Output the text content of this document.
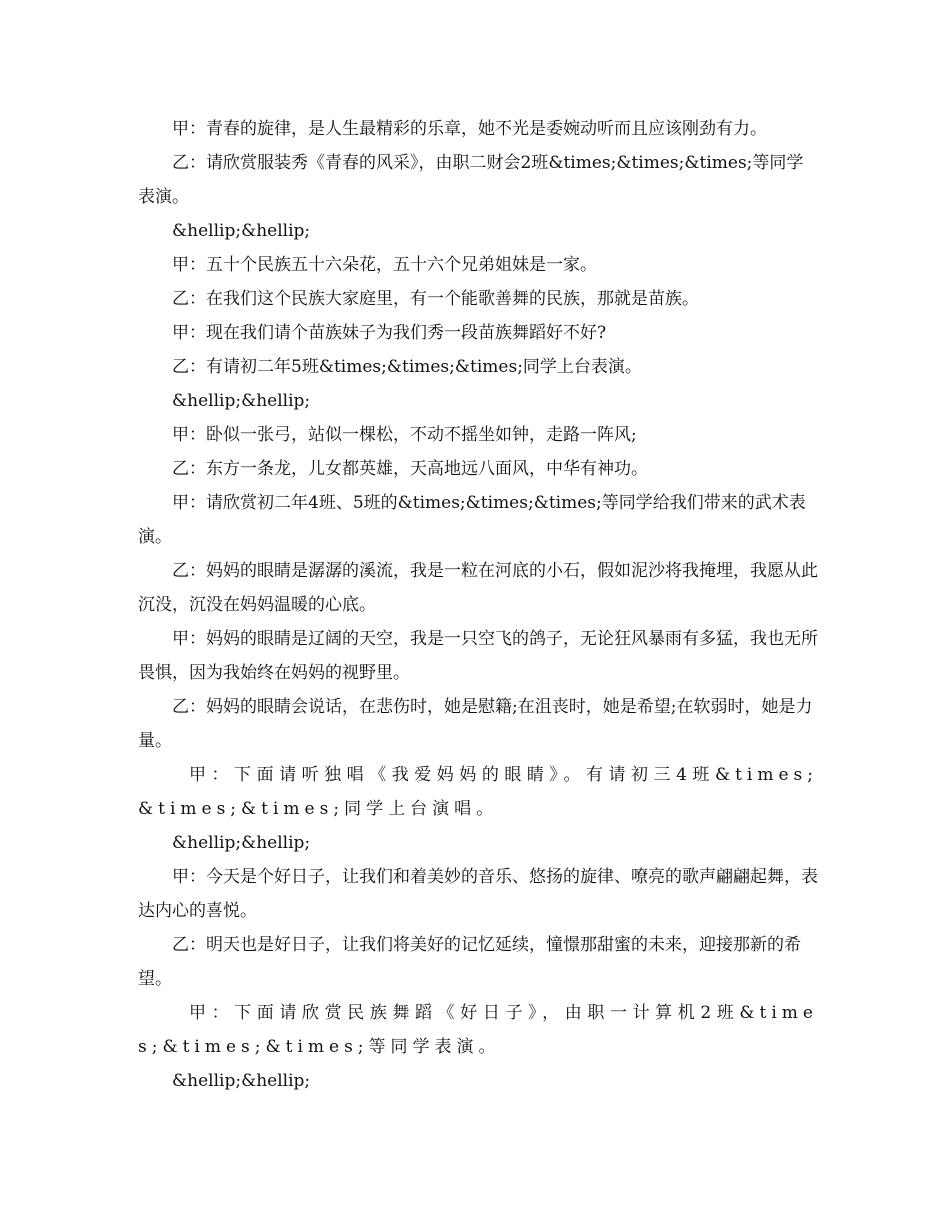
甲：青春的旋律，是人生最精彩的乐章，她不光是委婉动听而且应该刚劲有力。

乙：请欣赏服装秀《青春的风采》，由职二财会2班&times;&times;&times;等同学表演。

&hellip;&hellip;

甲：五十个民族五十六朵花，五十六个兄弟姐妹是一家。

乙：在我们这个民族大家庭里，有一个能歌善舞的民族，那就是苗族。

甲：现在我们请个苗族妹子为我们秀一段苗族舞蹈好不好?

乙：有请初二年5班&times;&times;&times;同学上台表演。

&hellip;&hellip;

甲：卧似一张弓，站似一棵松，不动不摇坐如钟，走路一阵风;

乙：东方一条龙，儿女都英雄，天高地远八面风，中华有神功。

甲：请欣赏初二年4班、5班的&times;&times;&times;等同学给我们带来的武术表演。

乙：妈妈的眼睛是潺潺的溪流，我是一粒在河底的小石，假如泥沙将我掩埋，我愿从此沉没，沉没在妈妈温暖的心底。

甲：妈妈的眼睛是辽阔的天空，我是一只空飞的鸽子，无论狂风暴雨有多猛，我也无所畏惧，因为我始终在妈妈的视野里。

乙：妈妈的眼睛会说话，在悲伤时，她是慰籍;在沮丧时，她是希望;在软弱时，她是力量。

甲：下面请听独唱《我爱妈妈的眼睛》。有请初三4班&times;&times;&times;同学上台演唱。

&hellip;&hellip;

甲：今天是个好日子，让我们和着美妙的音乐、悠扬的旋律、嘹亮的歌声翩翩起舞，表达内心的喜悦。

乙：明天也是好日子，让我们将美好的记忆延续，憧憬那甜蜜的未来，迎接那新的希望。

甲：下面请欣赏民族舞蹈《好日子》，由职一计算机2班&times;&times;&times;等同学表演。

&hellip;&hellip;
